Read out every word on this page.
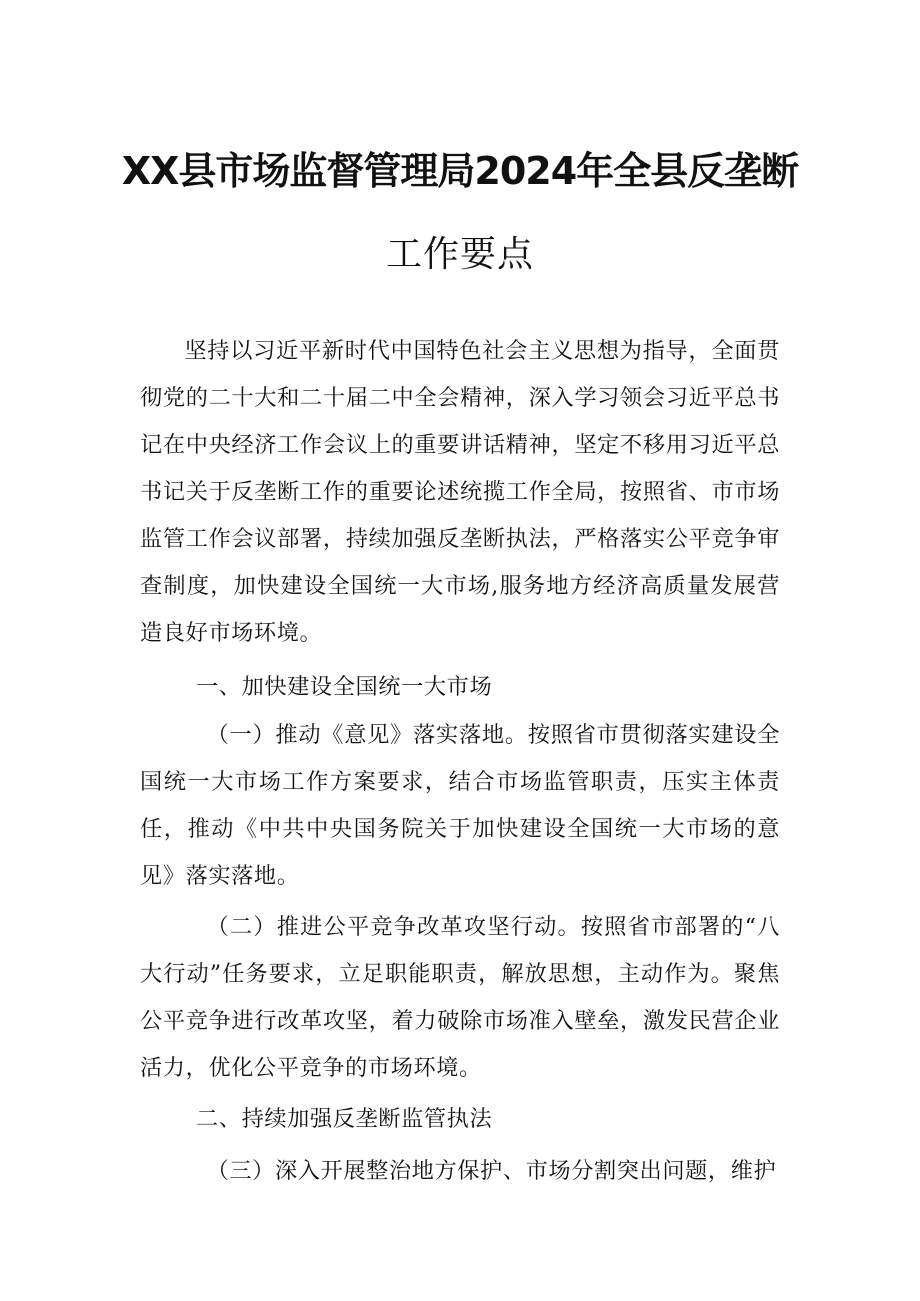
XX县市场监督管理局2024年全县反垄断
工作要点

坚持以习近平新时代中国特色社会主义思想为指导，全面贯彻党的二十大和二十届二中全会精神，深入学习领会习近平总书记在中央经济工作会议上的重要讲话精神，坚定不移用习近平总书记关于反垄断工作的重要论述统揽工作全局，按照省、市市场监管工作会议部署，持续加强反垄断执法，严格落实公平竞争审查制度，加快建设全国统一大市场,服务地方经济高质量发展营造良好市场环境。

一、加快建设全国统一大市场

（一）推动《意见》落实落地。按照省市贯彻落实建设全国统一大市场工作方案要求，结合市场监管职责，压实主体责任，推动《中共中央国务院关于加快建设全国统一大市场的意见》落实落地。

（二）推进公平竞争改革攻坚行动。按照省市部署的“八大行动”任务要求，立足职能职责，解放思想，主动作为。聚焦公平竞争进行改革攻坚，着力破除市场准入壁垒，激发民营企业活力，优化公平竞争的市场环境。

二、持续加强反垄断监管执法

（三）深入开展整治地方保护、市场分割突出问题，维护
